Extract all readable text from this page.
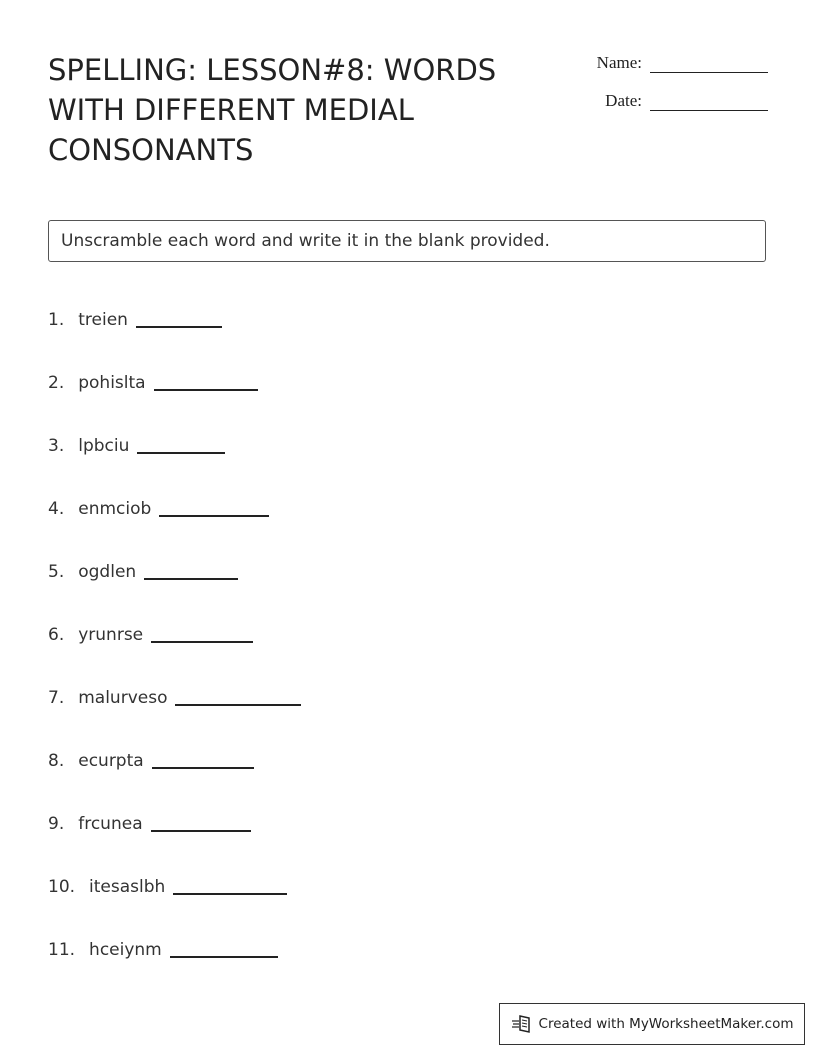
SPELLING: LESSON#8: WORDS WITH DIFFERENT MEDIAL CONSONANTS
Name:
Date:
Unscramble each word and write it in the blank provided.
1. treien
2. pohislta
3. lpbciu
4. enmciob
5. ogdlen
6. yrunrse
7. malurveso
8. ecurpta
9. frcunea
10. itesaslbh
11. hceiynm
Created with MyWorksheetMaker.com
